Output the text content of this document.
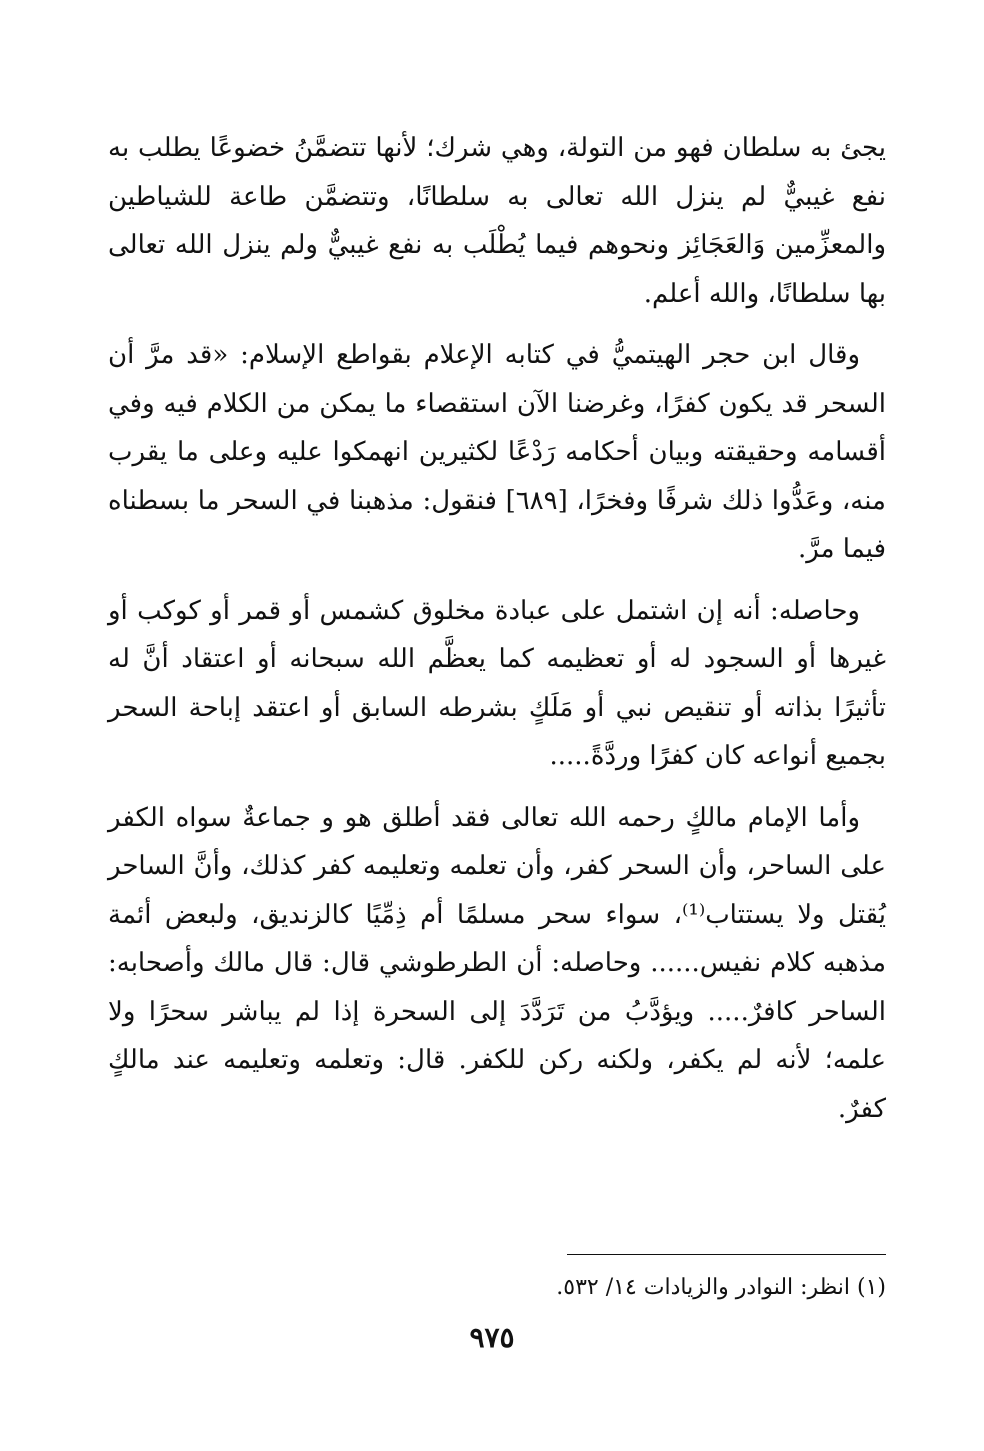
يجئ به سلطان فهو من التولة، وهي شرك؛ لأنها تتضمَّنُ خضوعًا يطلب به نفع غيبيٌّ لم ينزل الله تعالى به سلطانًا، وتتضمَّن طاعة للشياطين والمعزِّمين وَالعَجَائِز ونحوهم فيما يُطْلَب به نفع غيبيٌّ ولم ينزل الله تعالى بها سلطانًا، والله أعلم.

وقال ابن حجر الهيتميُّ في كتابه الإعلام بقواطع الإسلام: «قد مرَّ أن السحر قد يكون كفرًا، وغرضنا الآن استقصاء ما يمكن من الكلام فيه وفي أقسامه وحقيقته وبيان أحكامه رَدْعًا لكثيرين انهمكوا عليه وعلى ما يقرب منه، وعَدُّوا ذلك شرفًا وفخرًا، [٦٨٩] فنقول: مذهبنا في السحر ما بسطناه فيما مرَّ.

وحاصله: أنه إن اشتمل على عبادة مخلوق كشمس أو قمر أو كوكب أو غيرها أو السجود له أو تعظيمه كما يعظَّم الله سبحانه أو اعتقاد أنَّ له تأثيرًا بذاته أو تنقيص نبي أو مَلَكٍ بشرطه السابق أو اعتقد إباحة السحر بجميع أنواعه كان كفرًا وردَّةً.....

وأما الإمام مالكٍ رحمه الله تعالى فقد أطلق هو و جماعةٌ سواه الكفر على الساحر، وأن السحر كفر، وأن تعلمه وتعليمه كفر كذلك، وأنَّ الساحر يُقتل ولا يستتاب⁽¹⁾، سواء سحر مسلمًا أم ذِمِّيًا كالزنديق، ولبعض أئمة مذهبه كلام نفيس...... وحاصله: أن الطرطوشي قال: قال مالك وأصحابه: الساحر كافرٌ..... ويؤدَّبُ من تَرَدَّدَ إلى السحرة إذا لم يباشر سحرًا ولا علمه؛ لأنه لم يكفر، ولكنه ركن للكفر. قال: وتعلمه وتعليمه عند مالكٍ كفرٌ.

(١) انظر: النوادر والزيادات ١٤/ ٥٣٢.
٩٧٥
